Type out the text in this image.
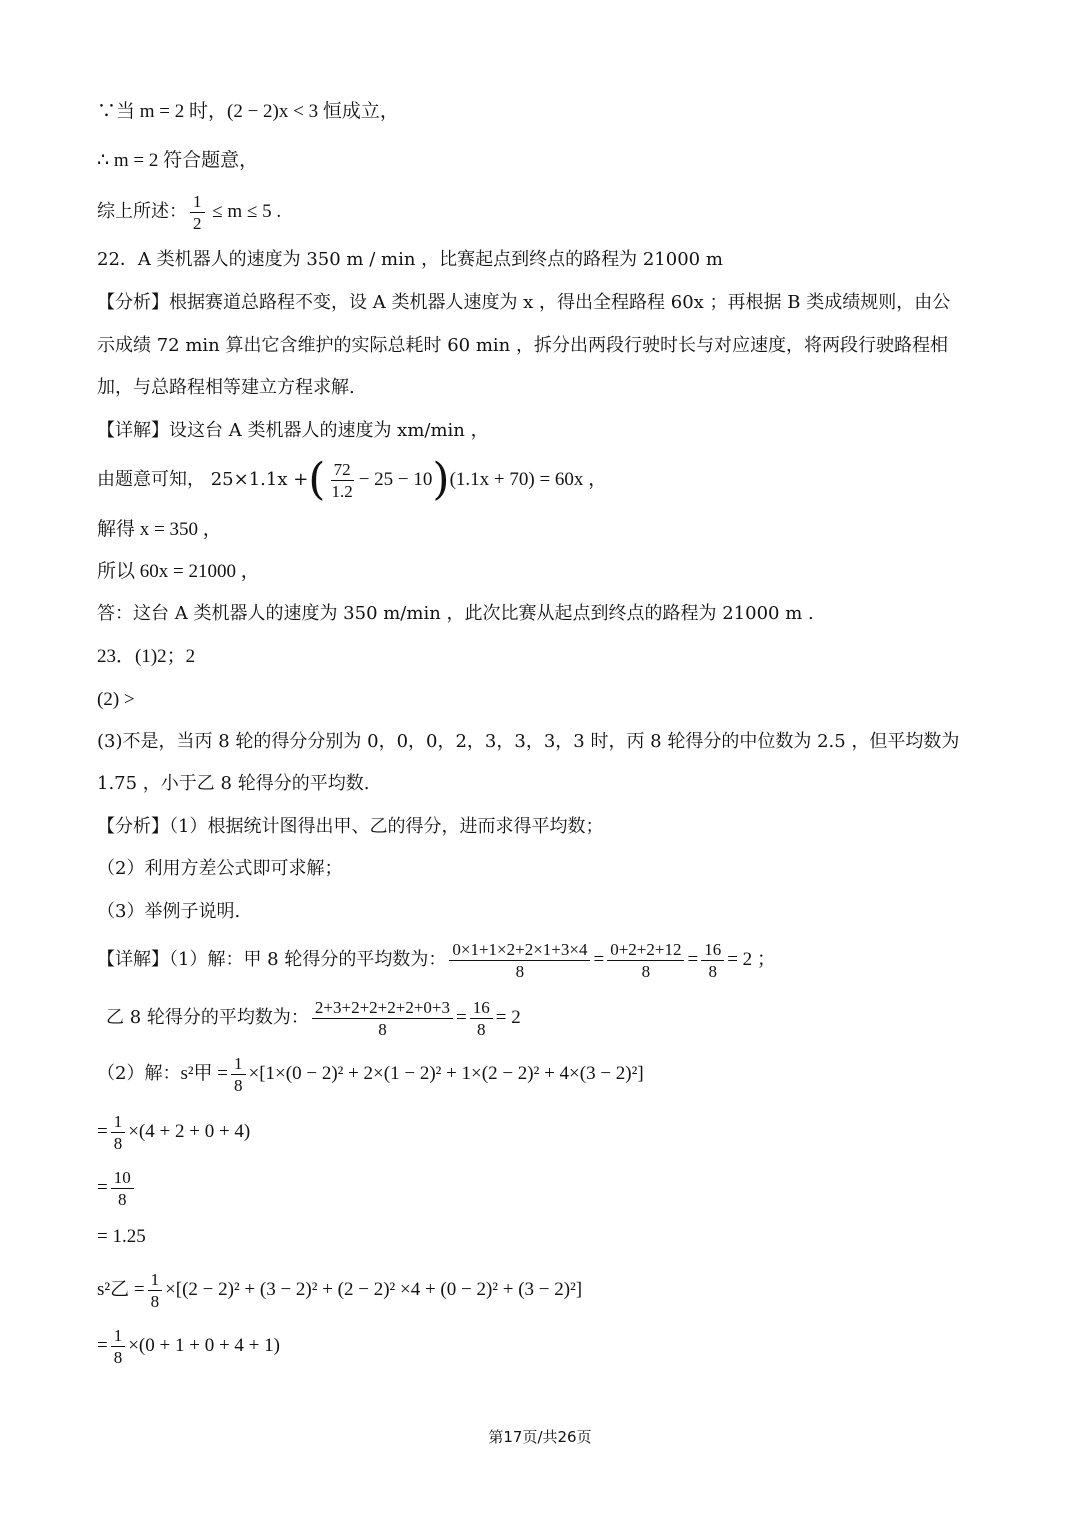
∵当 m = 2 时，(2 − 2)x < 3 恒成立，
∴ m = 2 符合题意，
综上所述： $\frac{1}{2} \le m \le 5$ .
22．A 类机器人的速度为 350 m / min ，比赛起点到终点的路程为 21000 m
【分析】根据赛道总路程不变，设 A 类机器人速度为 x ，得出全程路程 60x ；再根据 B 类成绩规则，由公
示成绩 72 min 算出它含维护的实际总耗时 60 min ，拆分出两段行驶时长与对应速度，将两段行驶路程相
加，与总路程相等建立方程求解.
【详解】设这台 A 类机器人的速度为 xm/min ，
由题意可知， 25×1.1x +( $\frac{72}{1.2} - 25 - 10)(1.1x + 70) = 60x$ ，
解得 x = 350 ，
所以 60x = 21000 ，
答：这台 A 类机器人的速度为 350 m/min ，此次比赛从起点到终点的路程为 21000 m .
23．(1)2；2
(2) >
(3)不是，当丙 8 轮的得分分别为 0，0，0，2，3，3，3，3 时，丙 8 轮得分的中位数为 2.5 ，但平均数为
1.75 ，小于乙 8 轮得分的平均数.
【分析】（1）根据统计图得出甲、乙的得分，进而求得平均数；
（2）利用方差公式即可求解；
（3）举例子说明.
【详解】（1）解：甲 8 轮得分的平均数为： $\frac{0\times 1+1\times 2+2\times 1+3\times 4}{8} = \frac{0+2+2+12}{8} = \frac{16}{8} = 2$ ；
乙 8 轮得分的平均数为： $\frac{2+3+2+2+2+2+0+3}{8} = \frac{16}{8} = 2$
（2）解：s²甲 = $\frac{1}{8} \times[1\times(0 - 2)^2 + 2\times(1 - 2)^2 + 1\times(2 - 2)^2 + 4\times(3 - 2)^2]$
= $\frac{1}{8} \times(4 + 2 + 0 + 4)$
= $\frac{10}{8}$
= 1.25
s²乙 = $\frac{1}{8} \times[(2 - 2)^2 + (3 - 2)^2 + (2 - 2)^2 \times 4 + (0 - 2)^2 + (3 - 2)^2]$
= $\frac{1}{8} \times(0 + 1 + 0 + 4 + 1)$
第17页/共26页
